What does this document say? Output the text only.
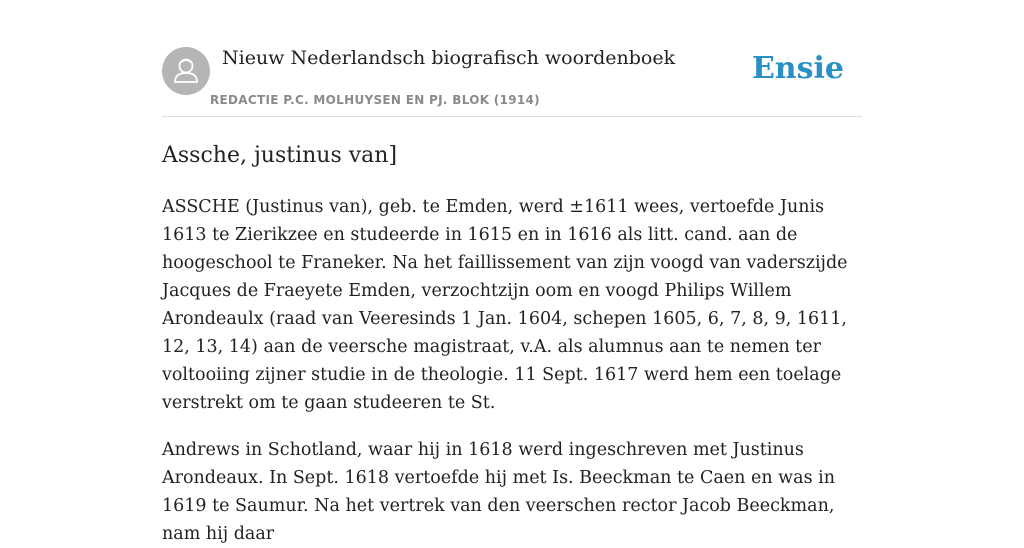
Nieuw Nederlandsch biografisch woordenboek
REDACTIE P.C. MOLHUYSEN EN PJ. BLOK (1914)
Ensie
Assche, justinus van]

ASSCHE (Justinus van), geb. te Emden, werd ±1611 wees, vertoefde Junis 1613 te Zierikzee en studeerde in 1615 en in 1616 als litt. cand. aan de hoogeschool te Franeker. Na het faillissement van zijn voogd van vaderszijde Jacques de Fraeyete Emden, verzochtzijn oom en voogd Philips Willem Arondeaulx (raad van Veeresinds 1 Jan. 1604, schepen 1605, 6, 7, 8, 9, 1611, 12, 13, 14) aan de veersche magistraat, v.A. als alumnus aan te nemen ter voltooiing zijner studie in de theologie. 11 Sept. 1617 werd hem een toelage verstrekt om te gaan studeeren te St.

Andrews in Schotland, waar hij in 1618 werd ingeschreven met Justinus Arondeaux. In Sept. 1618 vertoefde hij met Is. Beeckman te Caen en was in 1619 te Saumur. Na het vertrek van den veerschen rector Jacob Beeckman, nam hij daar
